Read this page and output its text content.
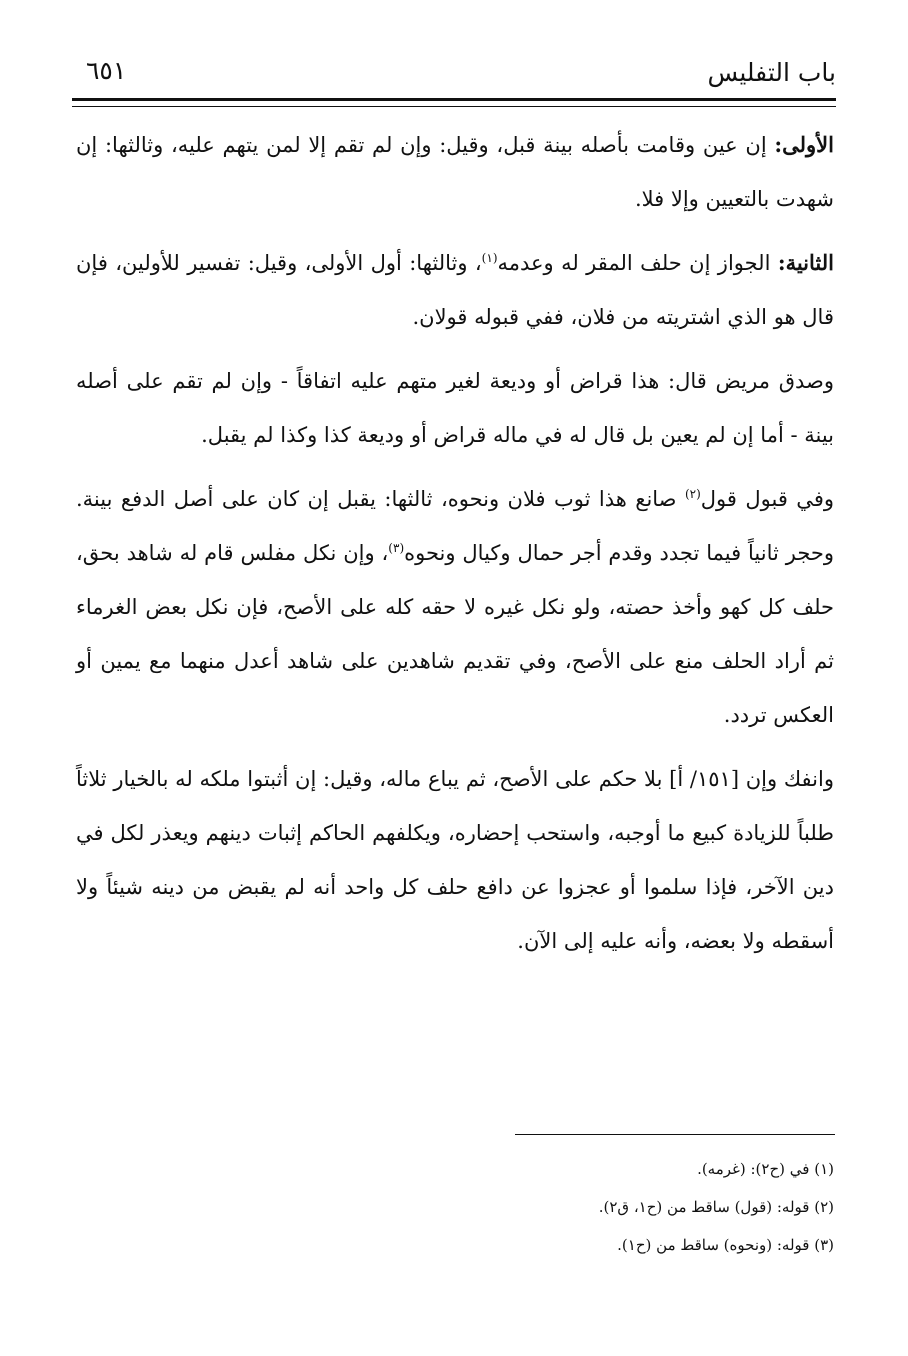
باب التفليس
٦٥١

الأولى: إن عين وقامت بأصله بينة قبل، وقيل: وإن لم تقم إلا لمن يتهم عليه، وثالثها: إن شهدت بالتعيين وإلا فلا.

الثانية: الجواز إن حلف المقر له وعدمه$^{(١)}$، وثالثها: أول الأولى، وقيل: تفسير للأولين، فإن قال هو الذي اشتريته من فلان، ففي قبوله قولان.

وصدق مريض قال: هذا قراض أو وديعة لغير متهم عليه اتفاقاً - وإن لم تقم على أصله بينة - أما إن لم يعين بل قال له في ماله قراض أو وديعة كذا وكذا لم يقبل.

وفي قبول قول$^{(٢)}$ صانع هذا ثوب فلان ونحوه، ثالثها: يقبل إن كان على أصل الدفع بينة. وحجر ثانياً فيما تجدد وقدم أجر حمال وكيال ونحوه$^{(٣)}$، وإن نكل مفلس قام له شاهد بحق، حلف كل كهو وأخذ حصته، ولو نكل غيره لا حقه كله على الأصح، فإن نكل بعض الغرماء ثم أراد الحلف منع على الأصح، وفي تقديم شاهدين على شاهد أعدل منهما مع يمين أو العكس تردد.

وانفك وإن [١٥١/ أ] بلا حكم على الأصح، ثم يباع ماله، وقيل: إن أثبتوا ملكه له بالخيار ثلاثاً طلباً للزيادة كبيع ما أوجبه، واستحب إحضاره، ويكلفهم الحاكم إثبات دينهم ويعذر لكل في دين الآخر، فإذا سلموا أو عجزوا عن دافع حلف كل واحد أنه لم يقبض من دينه شيئاً ولا أسقطه ولا بعضه، وأنه عليه إلى الآن.

(١) في (ح٢): (غرمه).

(٢) قوله: (قول) ساقط من (ح١، ق٢).

(٣) قوله: (ونحوه) ساقط من (ح١).
